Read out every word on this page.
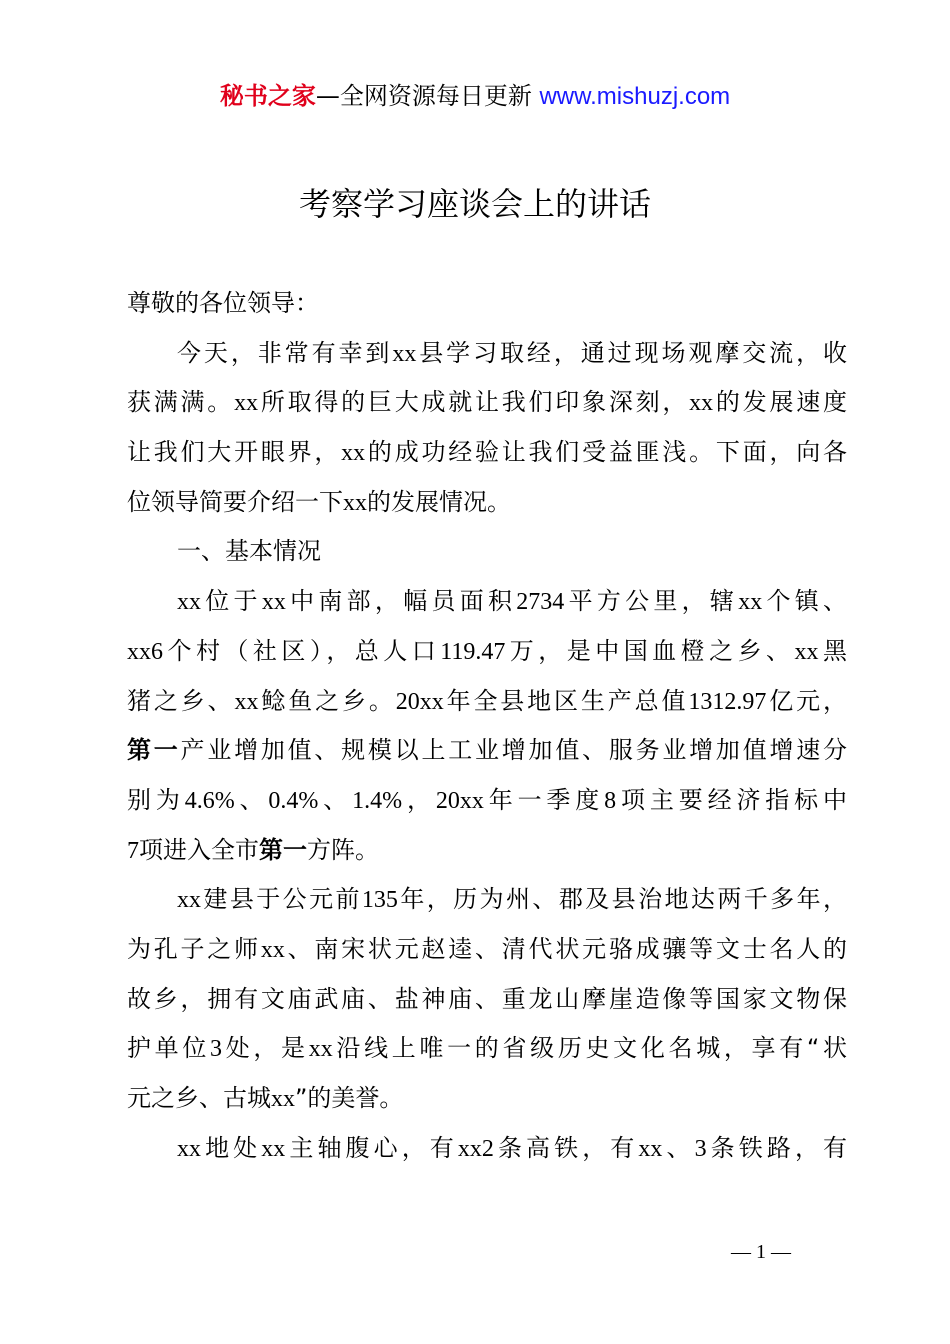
秘书之家—全网资源每日更新 www.mishuzj.com
考察学习座谈会上的讲话
尊敬的各位领导：
今天，非常有幸到xx县学习取经，通过现场观摩交流，收
获满满。xx所取得的巨大成就让我们印象深刻，xx的发展速度
让我们大开眼界，xx的成功经验让我们受益匪浅。下面，向各
位领导简要介绍一下xx的发展情况。
一、基本情况
xx位于xx中南部，幅员面积2734平方公里，辖xx个镇、
xx6个村（社区），总人口119.47万，是中国血橙之乡、xx黑
猪之乡、xx鲶鱼之乡。20xx年全县地区生产总值1312.97亿元，
第一产业增加值、规模以上工业增加值、服务业增加值增速分
别为4.6%、0.4%、1.4%，20xx年一季度8项主要经济指标中
7项进入全市第一方阵。
xx建县于公元前135年，历为州、郡及县治地达两千多年，
为孔子之师xx、南宋状元赵逵、清代状元骆成骧等文士名人的
故乡，拥有文庙武庙、盐神庙、重龙山摩崖造像等国家文物保
护单位3处，是xx沿线上唯一的省级历史文化名城，享有“状
元之乡、古城xx”的美誉。
xx地处xx主轴腹心，有xx2条高铁，有xx、3条铁路，有
— 1 —
